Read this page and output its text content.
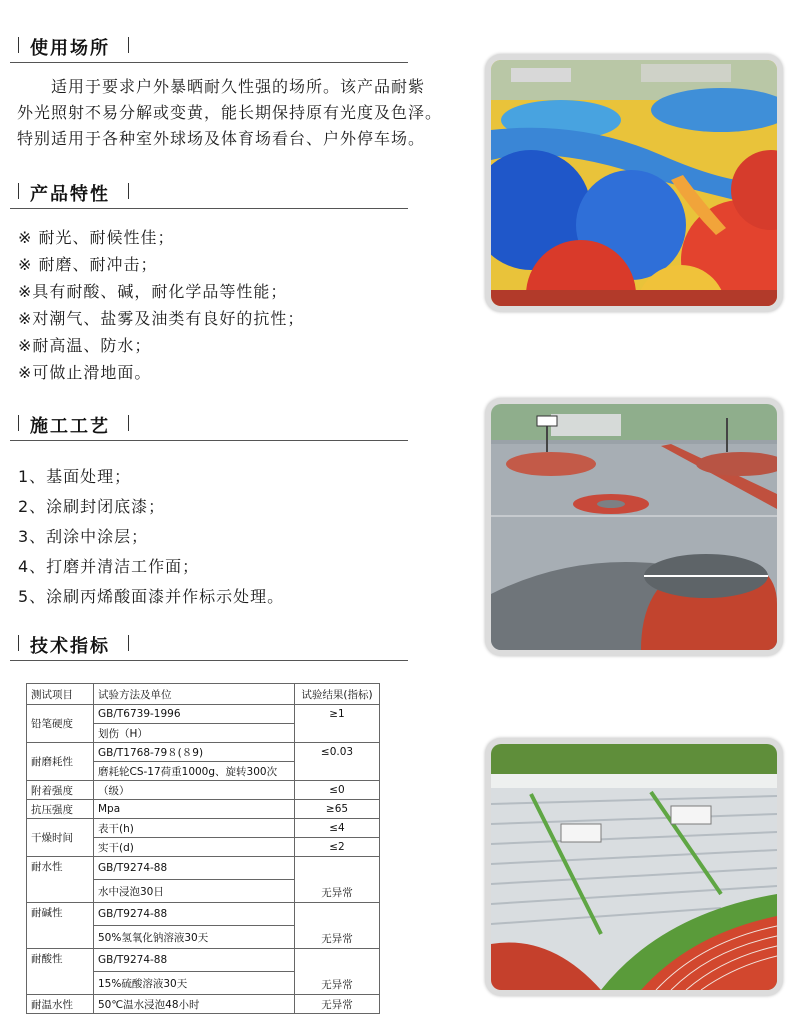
使用场所
　　适用于要求户外暴晒耐久性强的场所。该产品耐紫
外光照射不易分解或变黄，能长期保持原有光度及色泽。
特别适用于各种室外球场及体育场看台、户外停车场。
产品特性
※ 耐光、耐候性佳；
※ 耐磨、耐冲击；
※具有耐酸、碱，耐化学品等性能；
※对潮气、盐雾及油类有良好的抗性；
※耐高温、防水；
※可做止滑地面。
施工工艺
1、基面处理；
2、涂刷封闭底漆；
3、刮涂中涂层；
4、打磨并清洁工作面；
5、涂刷丙烯酸面漆并作标示处理。
技术指标
测试项目	试验方法及单位	试验结果(指标)
铅笔硬度	GB/T6739-1996	≥1
	划伤（H）	
耐磨耗性	GB/T1768-79８(８9)	≤0.03
	磨耗轮CS-17荷重1000g、旋转300次	
附着强度	（级）	≤0
抗压强度	Mpa	≥65
干燥时间	表干(h)	≤4
	实干(d)	≤2
耐水性	GB/T9274-88	无异常
	水中浸泡30日	
耐碱性	GB/T9274-88	无异常
	50%氢氧化钠溶液30天	
耐酸性	GB/T9274-88	无异常
	15%硫酸溶液30天	
耐温水性	50℃温水浸泡48小时	无异常
